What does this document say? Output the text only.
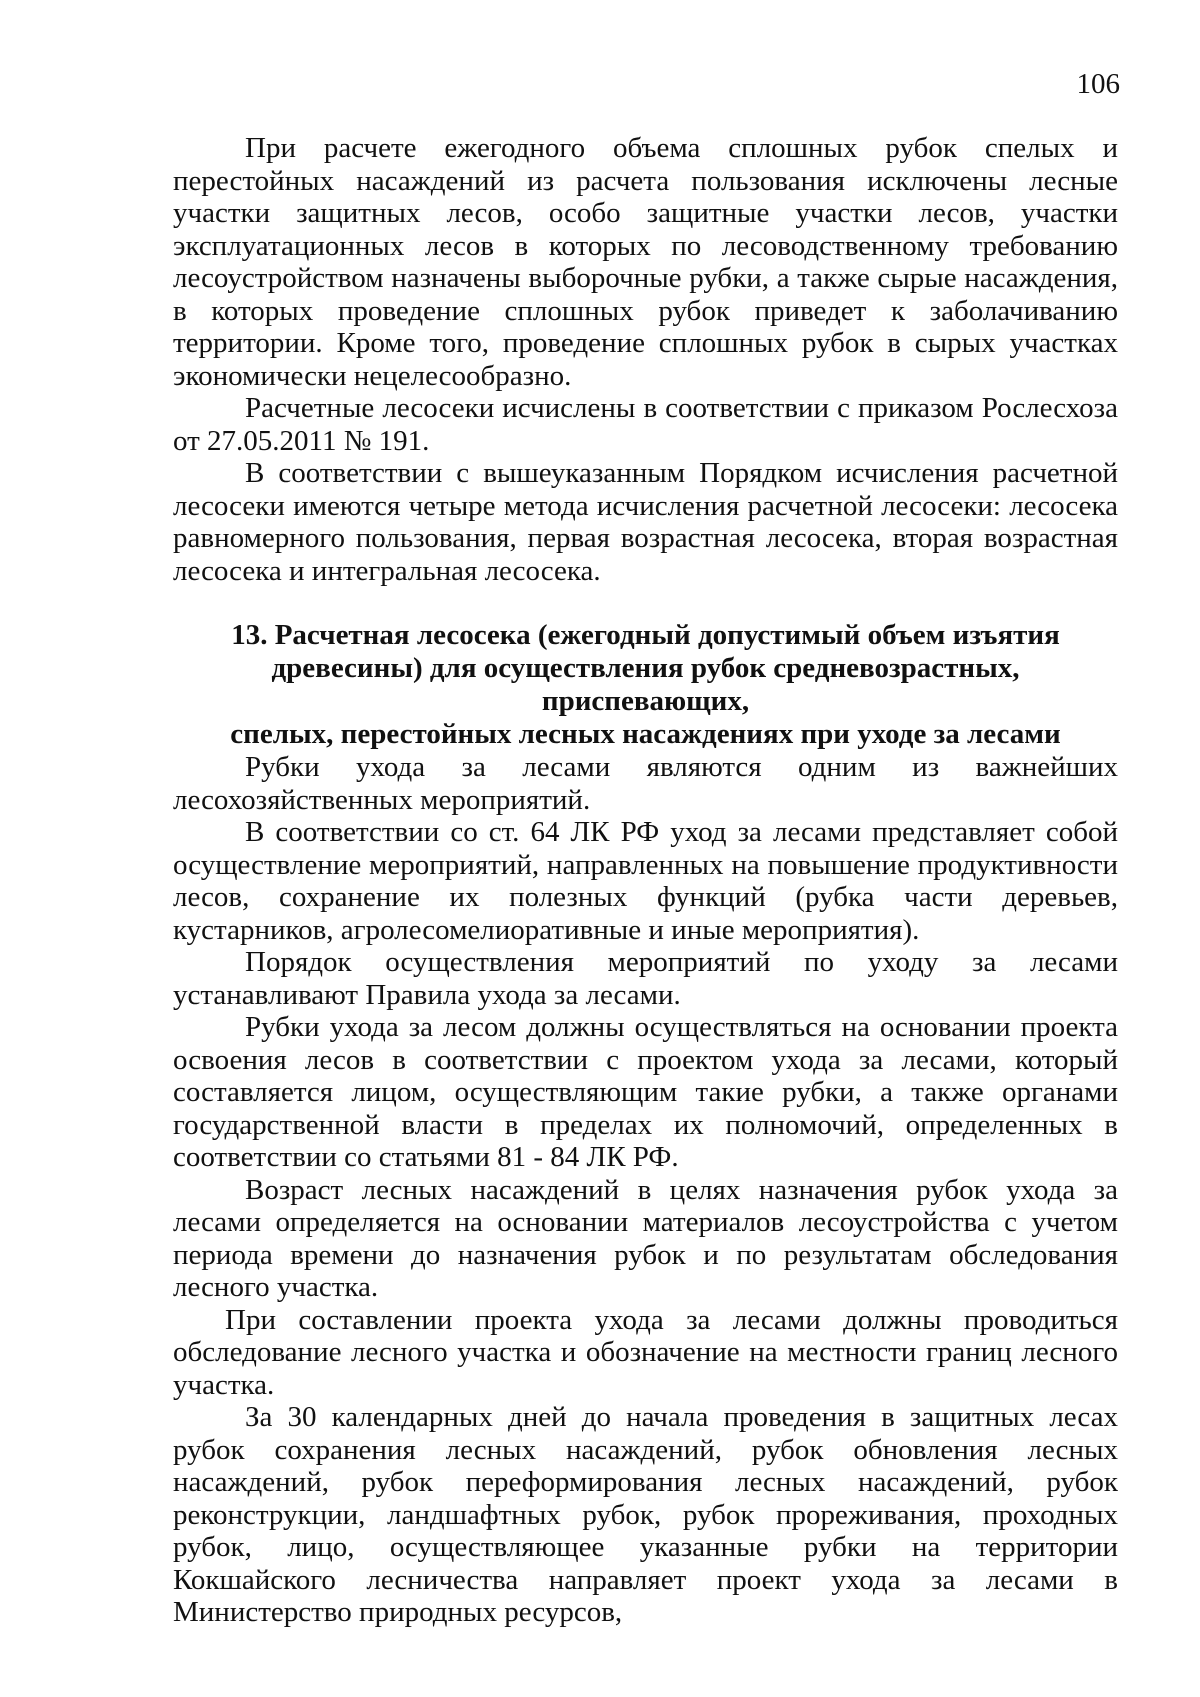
106

При расчете ежегодного объема сплошных рубок спелых и перестойных насаждений из расчета пользования исключены лесные участки защитных лесов, особо защитные участки лесов, участки эксплуатационных лесов в которых по лесоводственному требованию лесоустройством назначены выборочные рубки, а также сырые насаждения, в которых проведение сплошных рубок приведет к заболачиванию территории. Кроме того, проведение сплошных рубок в сырых участках экономически нецелесообразно.

Расчетные лесосеки исчислены в соответствии с приказом Рослесхоза от 27.05.2011 № 191.

В соответствии с вышеуказанным Порядком исчисления расчетной лесосеки имеются четыре метода исчисления расчетной лесосеки: лесосека равномерного пользования, первая возрастная лесосека, вторая возрастная лесосека и интегральная лесосека.

13. Расчетная лесосека (ежегодный допустимый объем изъятия
древесины) для осуществления рубок средневозрастных, приспевающих,
спелых, перестойных лесных насаждениях при уходе за лесами

Рубки ухода за лесами являются одним из важнейших лесохозяйственных мероприятий.

В соответствии со ст. 64 ЛК РФ уход за лесами представляет собой осуществление мероприятий, направленных на повышение продуктивности лесов, сохранение их полезных функций (рубка части деревьев, кустарников, агролесомелиоративные и иные мероприятия).

Порядок осуществления мероприятий по уходу за лесами устанавливают Правила ухода за лесами.

Рубки ухода за лесом должны осуществляться на основании проекта освоения лесов в соответствии с проектом ухода за лесами, который составляется лицом, осуществляющим такие рубки, а также органами государственной власти в пределах их полномочий, определенных в соответствии со статьями 81 - 84 ЛК РФ.

Возраст лесных насаждений в целях назначения рубок ухода за лесами определяется на основании материалов лесоустройства с учетом периода времени до назначения рубок и по результатам обследования лесного участка.

При составлении проекта ухода за лесами должны проводиться обследование лесного участка и обозначение на местности границ лесного участка.

За 30 календарных дней до начала проведения в защитных лесах рубок сохранения лесных насаждений, рубок обновления лесных насаждений, рубок переформирования лесных насаждений, рубок реконструкции, ландшафтных рубок, рубок прореживания, проходных рубок, лицо, осуществляющее указанные рубки на территории Кокшайского лесничества направляет проект ухода за лесами в Министерство природных ресурсов,
